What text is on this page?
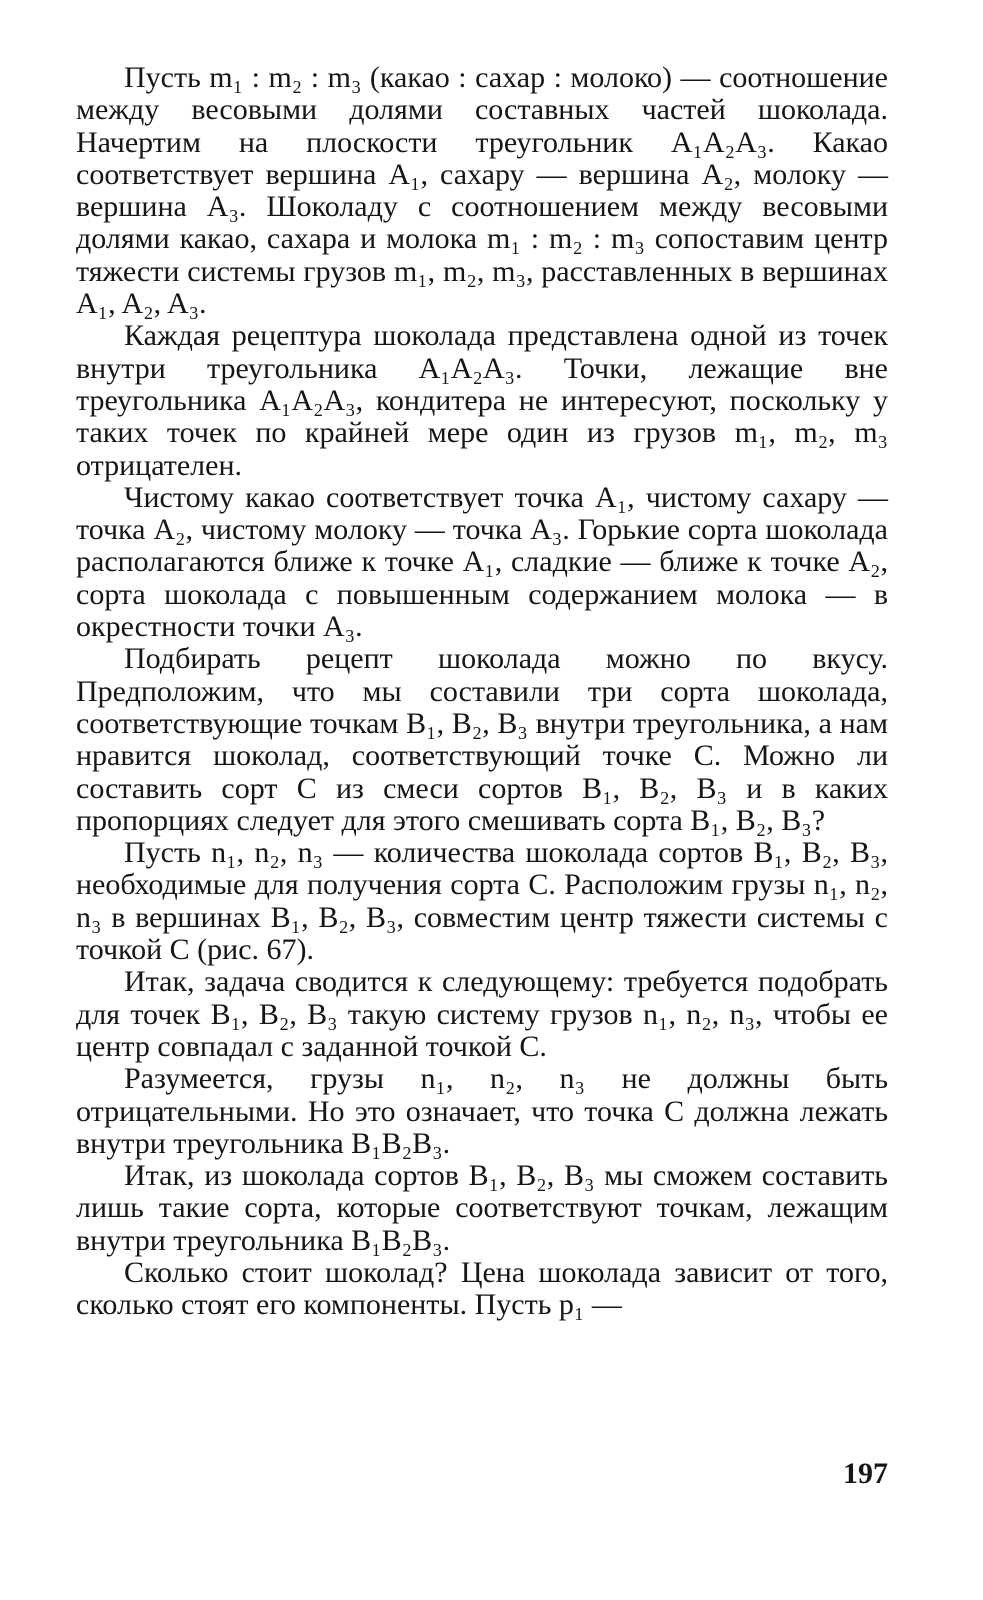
Пусть m₁ : m₂ : m₃ (какао : сахар : молоко) — соотношение между весовыми долями составных частей шоколада. Начертим на плоскости треугольник A₁A₂A₃. Какао соответствует вершина A₁, сахару — вершина A₂, молоку — вершина A₃. Шоколаду с соотношением между весовыми долями какао, сахара и молока m₁ : m₂ : m₃ сопоставим центр тяжести системы грузов m₁, m₂, m₃, расставленных в вершинах A₁, A₂, A₃.

Каждая рецептура шоколада представлена одной из точек внутри треугольника A₁A₂A₃. Точки, лежащие вне треугольника A₁A₂A₃, кондитера не интересуют, поскольку у таких точек по крайней мере один из грузов m₁, m₂, m₃ отрицателен.

Чистому какао соответствует точка A₁, чистому сахару — точка A₂, чистому молоку — точка A₃. Горькие сорта шоколада располагаются ближе к точке A₁, сладкие — ближе к точке A₂, сорта шоколада с повышенным содержанием молока — в окрестности точки A₃.

Подбирать рецепт шоколада можно по вкусу. Предположим, что мы составили три сорта шоколада, соответствующие точкам B₁, B₂, B₃ внутри треугольника, а нам нравится шоколад, соответствующий точке C. Можно ли составить сорт C из смеси сортов B₁, B₂, B₃ и в каких пропорциях следует для этого смешивать сорта B₁, B₂, B₃?

Пусть n₁, n₂, n₃ — количества шоколада сортов B₁, B₂, B₃, необходимые для получения сорта C. Расположим грузы n₁, n₂, n₃ в вершинах B₁, B₂, B₃, совместим центр тяжести системы с точкой C (рис. 67).

Итак, задача сводится к следующему: требуется подобрать для точек B₁, B₂, B₃ такую систему грузов n₁, n₂, n₃, чтобы ее центр совпадал с заданной точкой C.

Разумеется, грузы n₁, n₂, n₃ не должны быть отрицательными. Но это означает, что точка C должна лежать внутри треугольника B₁B₂B₃.

Итак, из шоколада сортов B₁, B₂, B₃ мы сможем составить лишь такие сорта, которые соответствуют точкам, лежащим внутри треугольника B₁B₂B₃.

Сколько стоит шоколад? Цена шоколада зависит от того, сколько стоят его компоненты. Пусть p₁ —

197
